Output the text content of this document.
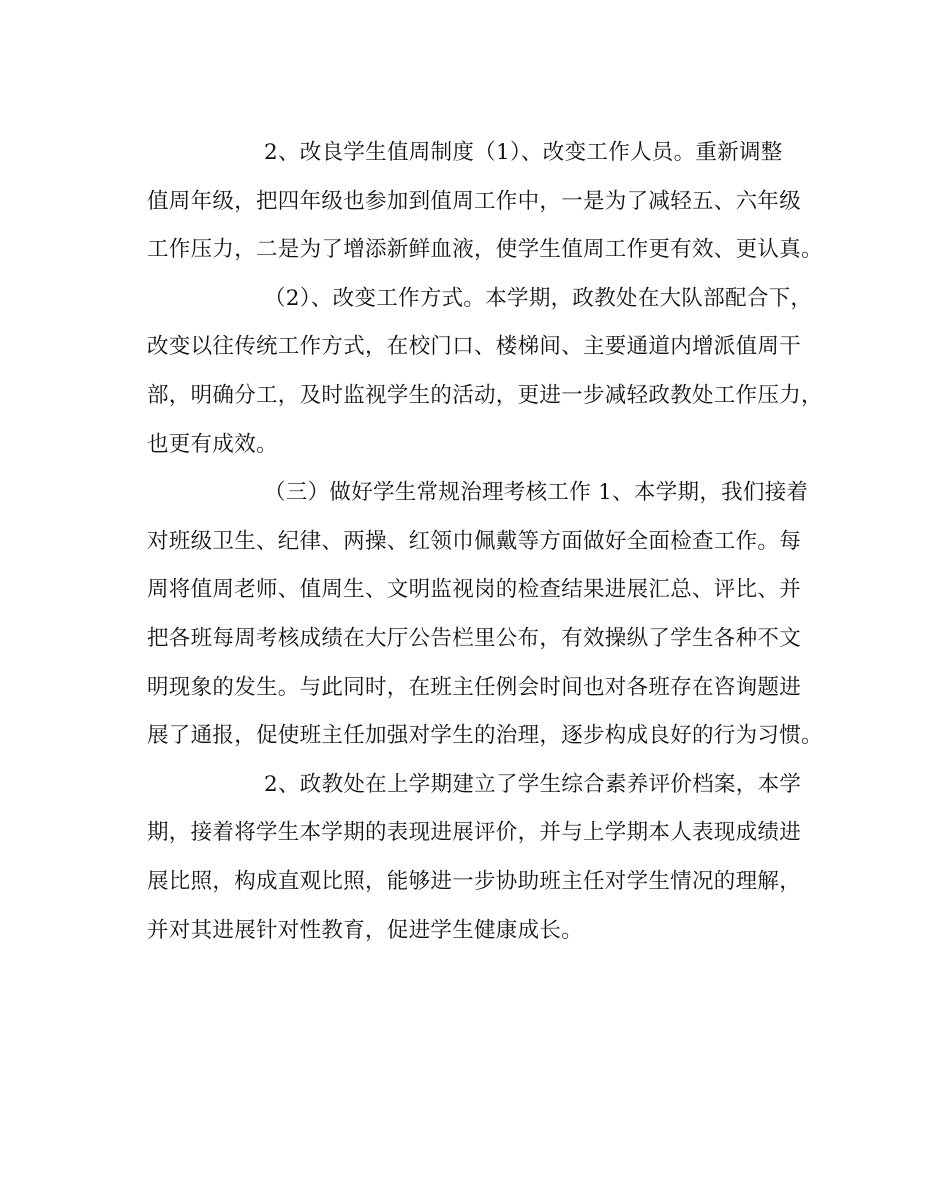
2、改良学生值周制度（1）、改变工作人员。重新调整
值周年级，把四年级也参加到值周工作中，一是为了减轻五、六年级
工作压力，二是为了增添新鲜血液，使学生值周工作更有效、更认真。
（2）、改变工作方式。本学期，政教处在大队部配合下，
改变以往传统工作方式，在校门口、楼梯间、主要通道内增派值周干
部，明确分工，及时监视学生的活动，更进一步减轻政教处工作压力，
也更有成效。
（三）做好学生常规治理考核工作 1、本学期，我们接着
对班级卫生、纪律、两操、红领巾佩戴等方面做好全面检查工作。每
周将值周老师、值周生、文明监视岗的检查结果进展汇总、评比、并
把各班每周考核成绩在大厅公告栏里公布，有效操纵了学生各种不文
明现象的发生。与此同时，在班主任例会时间也对各班存在咨询题进
展了通报，促使班主任加强对学生的治理，逐步构成良好的行为习惯。
2、政教处在上学期建立了学生综合素养评价档案，本学
期，接着将学生本学期的表现进展评价，并与上学期本人表现成绩进
展比照，构成直观比照，能够进一步协助班主任对学生情况的理解，
并对其进展针对性教育，促进学生健康成长。
